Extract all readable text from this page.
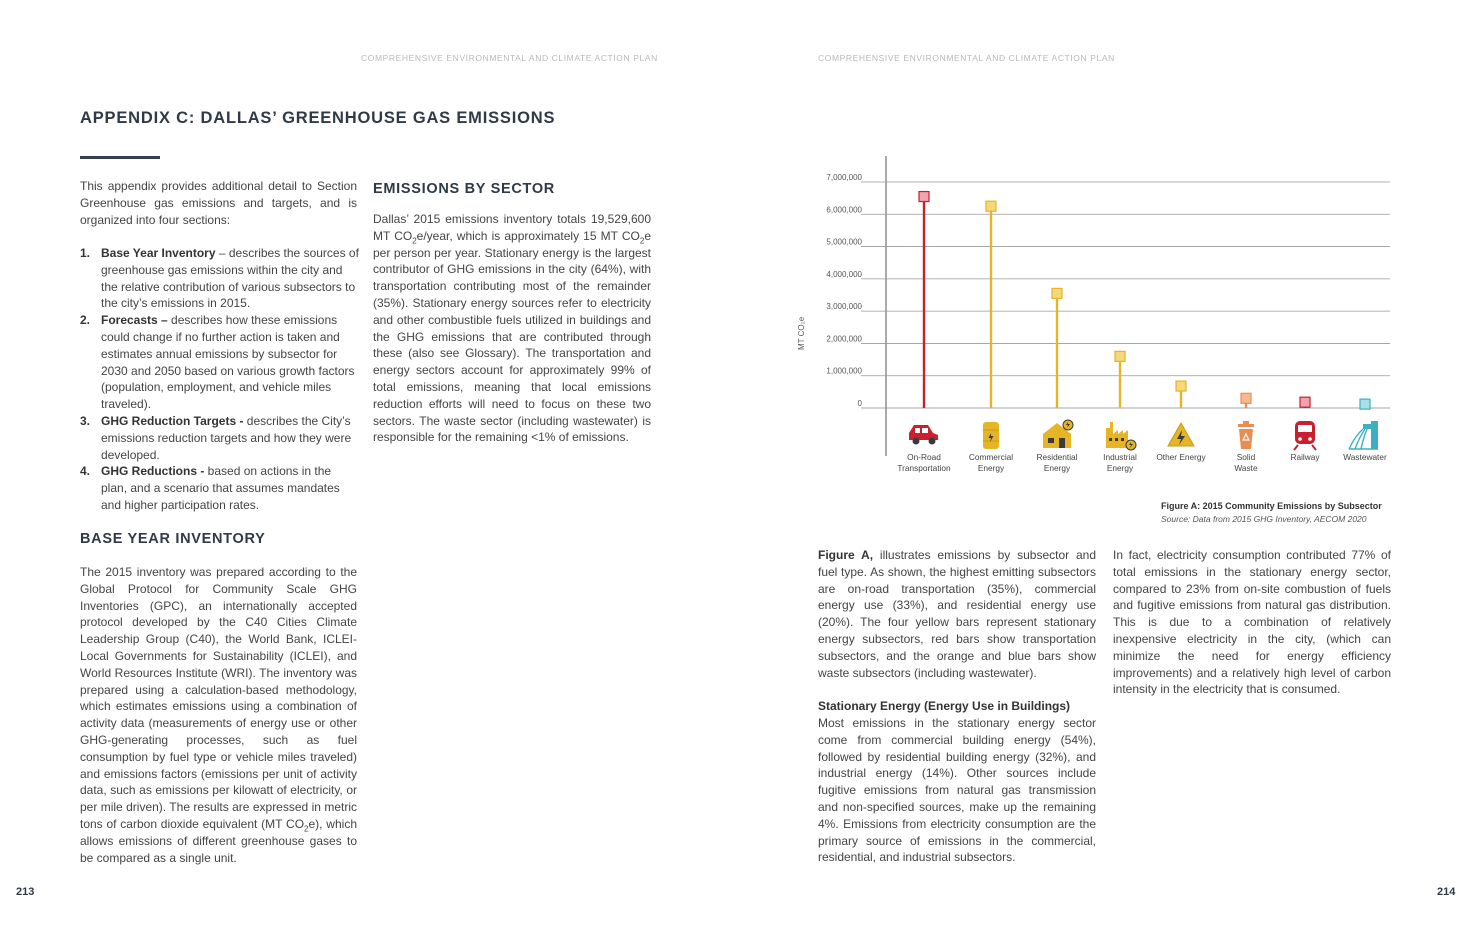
COMPREHENSIVE ENVIRONMENTAL AND CLIMATE ACTION PLAN
APPENDIX C: DALLAS’ GREENHOUSE GAS EMISSIONS
This appendix provides additional detail to Section Greenhouse gas emissions and targets, and is organized into four sections:
1. Base Year Inventory – describes the sources of greenhouse gas emissions within the city and the relative contribution of various subsectors to the city’s emissions in 2015.
2. Forecasts – describes how these emissions could change if no further action is taken and estimates annual emissions by subsector for 2030 and 2050 based on various growth factors (population, employment, and vehicle miles traveled).
3. GHG Reduction Targets - describes the City’s emissions reduction targets and how they were developed.
4. GHG Reductions - based on actions in the plan, and a scenario that assumes mandates and higher participation rates.
BASE YEAR INVENTORY
The 2015 inventory was prepared according to the Global Protocol for Community Scale GHG Inventories (GPC), an internationally accepted protocol developed by the C40 Cities Climate Leadership Group (C40), the World Bank, ICLEI-Local Governments for Sustainability (ICLEI), and World Resources Institute (WRI). The inventory was prepared using a calculation-based methodology, which estimates emissions using a combination of activity data (measurements of energy use or other GHG-generating processes, such as fuel consumption by fuel type or vehicle miles traveled) and emissions factors (emissions per unit of activity data, such as emissions per kilowatt of electricity, or per mile driven). The results are expressed in metric tons of carbon dioxide equivalent (MT $CO_2e$), which allows emissions of different greenhouse gases to be compared as a single unit.
EMISSIONS BY SECTOR
Dallas’ 2015 emissions inventory totals 19,529,600 MT $CO_2e$/year, which is approximately 15 MT $CO_2e$ per person per year. Stationary energy is the largest contributor of GHG emissions in the city (64%), with transportation contributing most of the remainder (35%). Stationary energy sources refer to electricity and other combustible fuels utilized in buildings and the GHG emissions that are contributed through these (also see Glossary). The transportation and energy sectors account for approximately 99% of total emissions, meaning that local emissions reduction efforts will need to focus on these two sectors. The waste sector (including wastewater) is responsible for the remaining <1% of emissions.
213
COMPREHENSIVE ENVIRONMENTAL AND CLIMATE ACTION PLAN
0
1,000,000
2,000,000
3,000,000
4,000,000
5,000,000
6,000,000
7,000,000
MT CO₂e
On-Road
Transportation
Commercial
Energy
Residential
Energy
Industrial
Energy
Other Energy	Solid
Waste
Railway	Wastewater
Figure A: 2015 Community Emissions by Subsector
Source: Data from 2015 GHG Inventory, AECOM 2020
Figure A, illustrates emissions by subsector and fuel type. As shown, the highest emitting subsectors are on-road transportation (35%), commercial energy use (33%), and residential energy use (20%). The four yellow bars represent stationary energy subsectors, red bars show transportation subsectors, and the orange and blue bars show waste subsectors (including wastewater).
Stationary Energy (Energy Use in Buildings)
Most emissions in the stationary energy sector come from commercial building energy (54%), followed by residential building energy (32%), and industrial energy (14%). Other sources include fugitive emissions from natural gas transmission and non-specified sources, make up the remaining 4%. Emissions from electricity consumption are the primary source of emissions in the commercial, residential, and industrial subsectors.
In fact, electricity consumption contributed 77% of total emissions in the stationary energy sector, compared to 23% from on-site combustion of fuels and fugitive emissions from natural gas distribution. This is due to a combination of relatively inexpensive electricity in the city, (which can minimize the need for energy efficiency improvements) and a relatively high level of carbon intensity in the electricity that is consumed.
214
